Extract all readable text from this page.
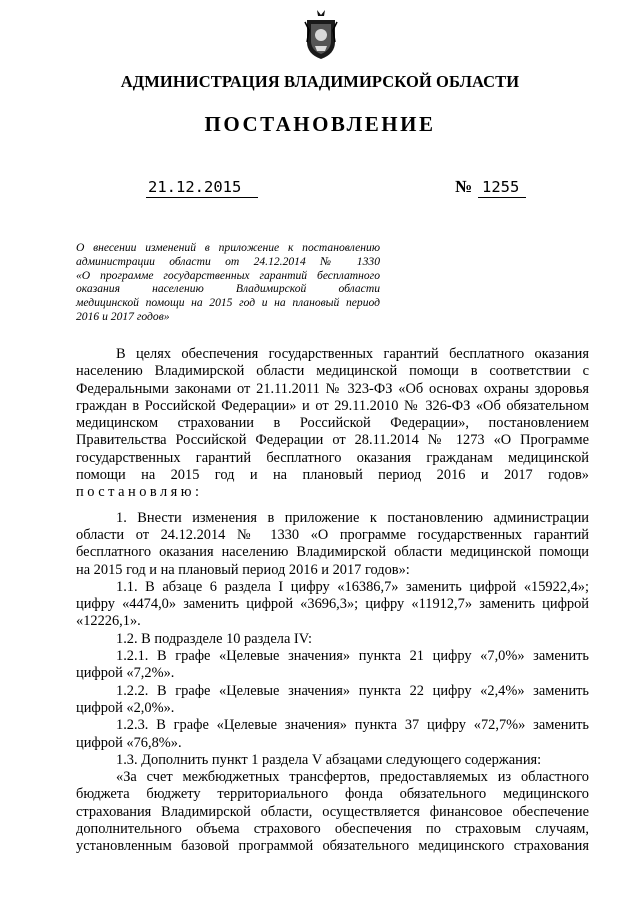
АДМИНИСТРАЦИЯ ВЛАДИМИРСКОЙ ОБЛАСТИ
ПОСТАНОВЛЕНИЕ
21.12.2015	№ 1255
О внесении изменений в приложение к постановлению
администрации области от 24.12.2014 № 1330
«О программе государственных гарантий бесплатного
оказания населению Владимирской области
медицинской помощи на 2015 год и на плановый период
2016 и 2017 годов»

В целях обеспечения государственных гарантий бесплатного оказания
населению Владимирской области медицинской помощи в соответствии с
Федеральными законами от 21.11.2011 № 323-ФЗ «Об основах охраны здоровья
граждан в Российской Федерации» и от 29.11.2010 № 326-ФЗ «Об обязательном
медицинском страховании в Российской Федерации», постановлением
Правительства Российской Федерации от 28.11.2014 № 1273 «О Программе
государственных гарантий бесплатного оказания гражданам медицинской
помощи на 2015 год и на плановый период 2016 и 2017 годов»
постановляю:

1. Внести изменения в приложение к постановлению администрации
области от 24.12.2014 № 1330 «О программе государственных гарантий
бесплатного оказания населению Владимирской области медицинской помощи
на 2015 год и на плановый период 2016 и 2017 годов»:

1.1. В абзаце 6 раздела I цифру «16386,7» заменить цифрой «15922,4»;
цифру «4474,0» заменить цифрой «3696,3»; цифру «11912,7» заменить цифрой
«12226,1».

1.2. В подразделе 10 раздела IV:

1.2.1. В графе «Целевые значения» пункта 21 цифру «7,0%» заменить
цифрой «7,2%».

1.2.2. В графе «Целевые значения» пункта 22 цифру «2,4%» заменить
цифрой «2,0%».

1.2.3. В графе «Целевые значения» пункта 37 цифру «72,7%» заменить
цифрой «76,8%».

1.3. Дополнить пункт 1 раздела V абзацами следующего содержания:

«За счет межбюджетных трансфертов, предоставляемых из областного
бюджета бюджету территориального фонда обязательного медицинского
страхования Владимирской области, осуществляется финансовое обеспечение
дополнительного объема страхового обеспечения по страховым случаям,
установленным базовой программой обязательного медицинского страхования
